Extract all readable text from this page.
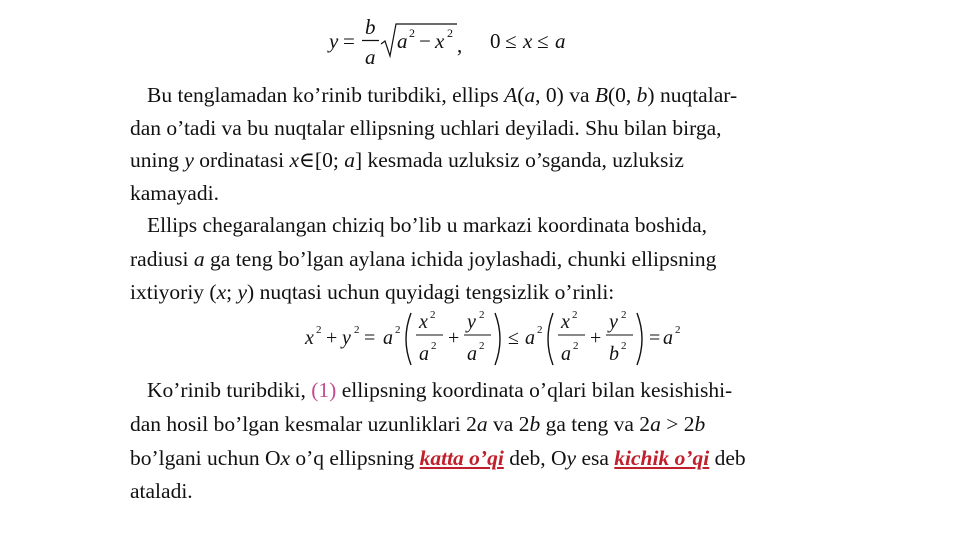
y =
b
a
a 2 − x 2 , 0 ≤ x ≤ a
Bu tenglamadan ko’rinib turibdiki, ellips A(a, 0) va B(0, b) nuqtalar-
dan o’tadi va bu nuqtalar ellipsning uchlari deyiladi. Shu bilan birga,
uning y ordinatasi x∈[0; a] kesmada uzluksiz o’sganda, uzluksiz
kamayadi.
Ellips chegaralangan chiziq bo’lib u markazi koordinata boshida,
radiusi a ga teng bo’lgan aylana ichida joylashadi, chunki ellipsning
ixtiyoriy (x; y) nuqtasi uchun quyidagi tengsizlik o’rinli:
x 2 + y 2 = a 2 x 2
a 2 +
y 2
a 2 ≤ a 2 x 2
a 2 +
y 2
b 2 = a 2
Ko’rinib turibdiki, (1) ellipsning koordinata o’qlari bilan kesishishi-
dan hosil bo’lgan kesmalar uzunliklari 2a va 2b ga teng va 2a > 2b
bo’lgani uchun Ox o’q ellipsning katta o’qi deb, Oy esa kichik o’qi deb
ataladi.
